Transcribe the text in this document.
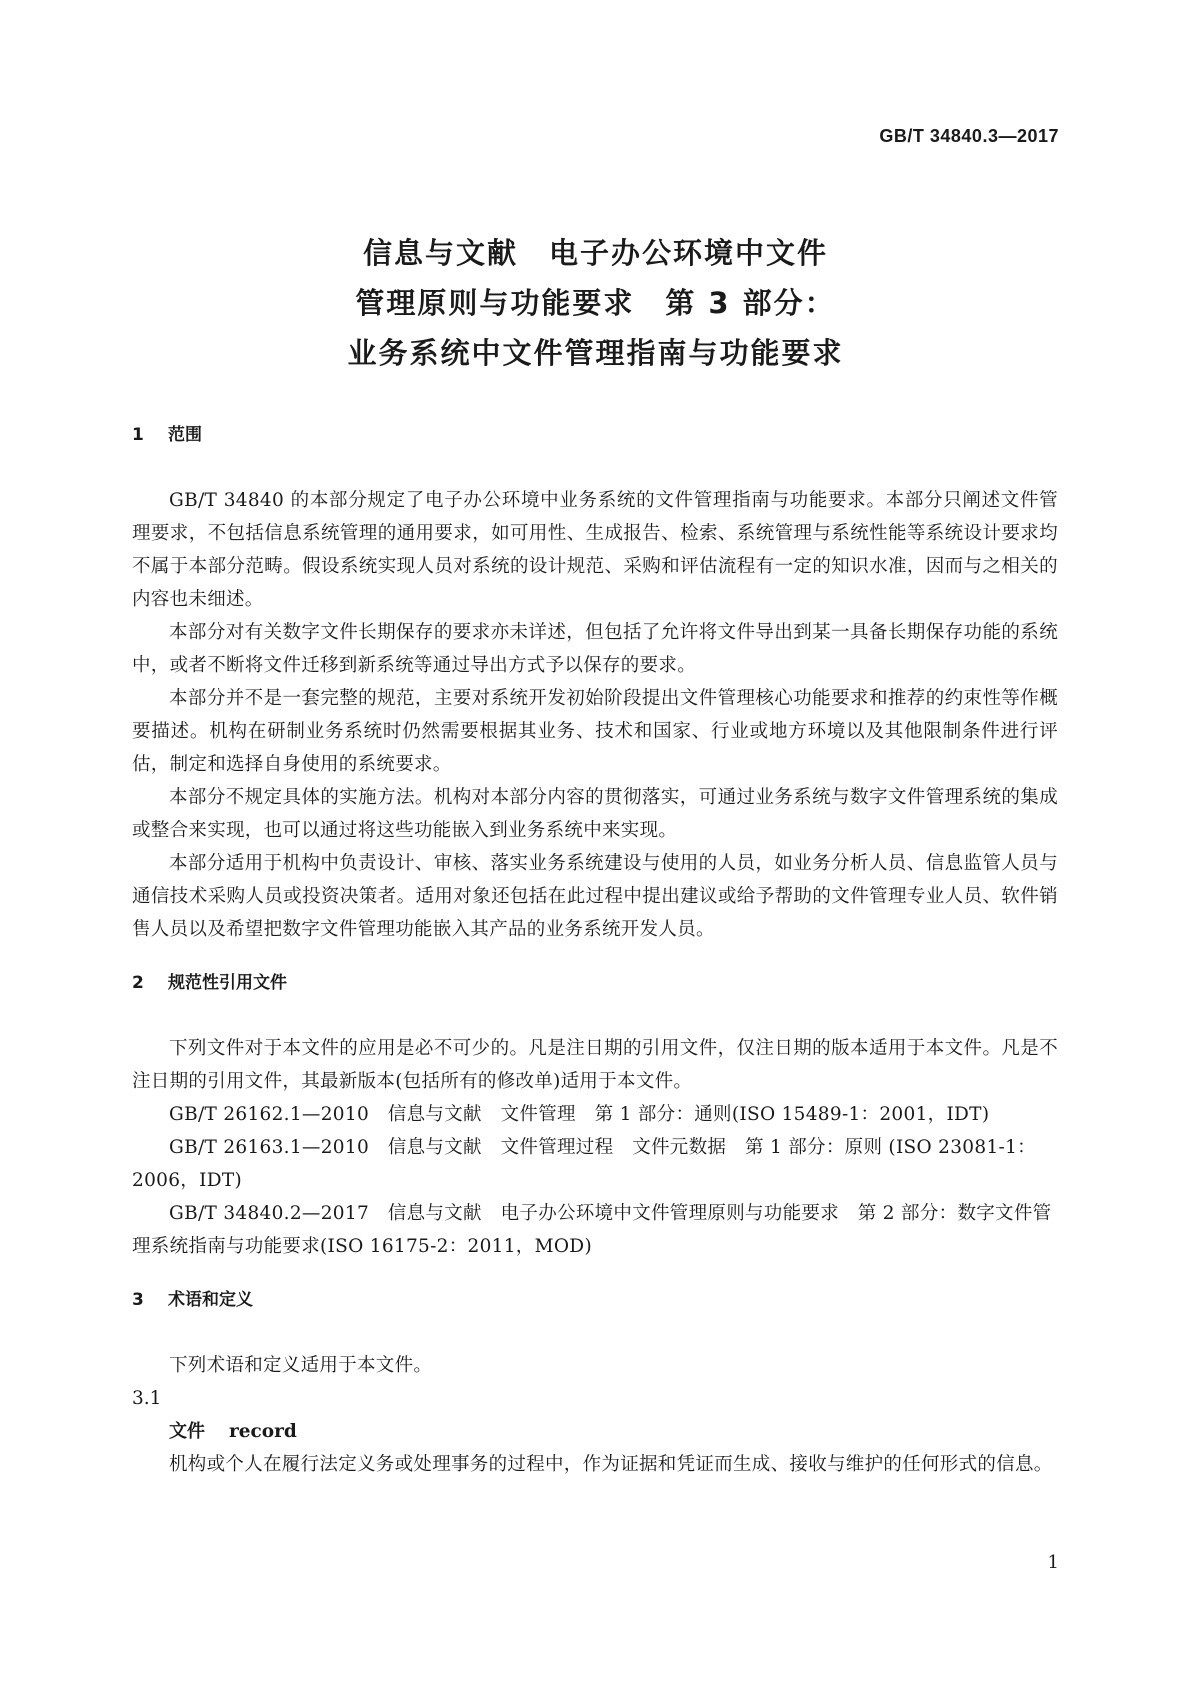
GB/T 34840.3—2017
信息与文献　电子办公环境中文件
管理原则与功能要求　第 3 部分：
业务系统中文件管理指南与功能要求
1 范围

GB/T 34840 的本部分规定了电子办公环境中业务系统的文件管理指南与功能要求。本部分只阐述文件管理要求，不包括信息系统管理的通用要求，如可用性、生成报告、检索、系统管理与系统性能等系统设计要求均不属于本部分范畴。假设系统实现人员对系统的设计规范、采购和评估流程有一定的知识水准，因而与之相关的内容也未细述。

本部分对有关数字文件长期保存的要求亦未详述，但包括了允许将文件导出到某一具备长期保存功能的系统中，或者不断将文件迁移到新系统等通过导出方式予以保存的要求。

本部分并不是一套完整的规范，主要对系统开发初始阶段提出文件管理核心功能要求和推荐的约束性等作概要描述。机构在研制业务系统时仍然需要根据其业务、技术和国家、行业或地方环境以及其他限制条件进行评估，制定和选择自身使用的系统要求。

本部分不规定具体的实施方法。机构对本部分内容的贯彻落实，可通过业务系统与数字文件管理系统的集成或整合来实现，也可以通过将这些功能嵌入到业务系统中来实现。

本部分适用于机构中负责设计、审核、落实业务系统建设与使用的人员，如业务分析人员、信息监管人员与通信技术采购人员或投资决策者。适用对象还包括在此过程中提出建议或给予帮助的文件管理专业人员、软件销售人员以及希望把数字文件管理功能嵌入其产品的业务系统开发人员。

2 规范性引用文件

下列文件对于本文件的应用是必不可少的。凡是注日期的引用文件，仅注日期的版本适用于本文件。凡是不注日期的引用文件，其最新版本(包括所有的修改单)适用于本文件。

GB/T 26162.1—2010　信息与文献　文件管理　第 1 部分：通则(ISO 15489-1：2001，IDT)

GB/T 26163.1—2010　信息与文献　文件管理过程　文件元数据　第 1 部分：原则 (ISO 23081-1：2006，IDT)

GB/T 34840.2—2017　信息与文献　电子办公环境中文件管理原则与功能要求　第 2 部分：数字文件管理系统指南与功能要求(ISO 16175-2：2011，MOD)

3 术语和定义

下列术语和定义适用于本文件。

3.1

文件 record

机构或个人在履行法定义务或处理事务的过程中，作为证据和凭证而生成、接收与维护的任何形式的信息。

1
